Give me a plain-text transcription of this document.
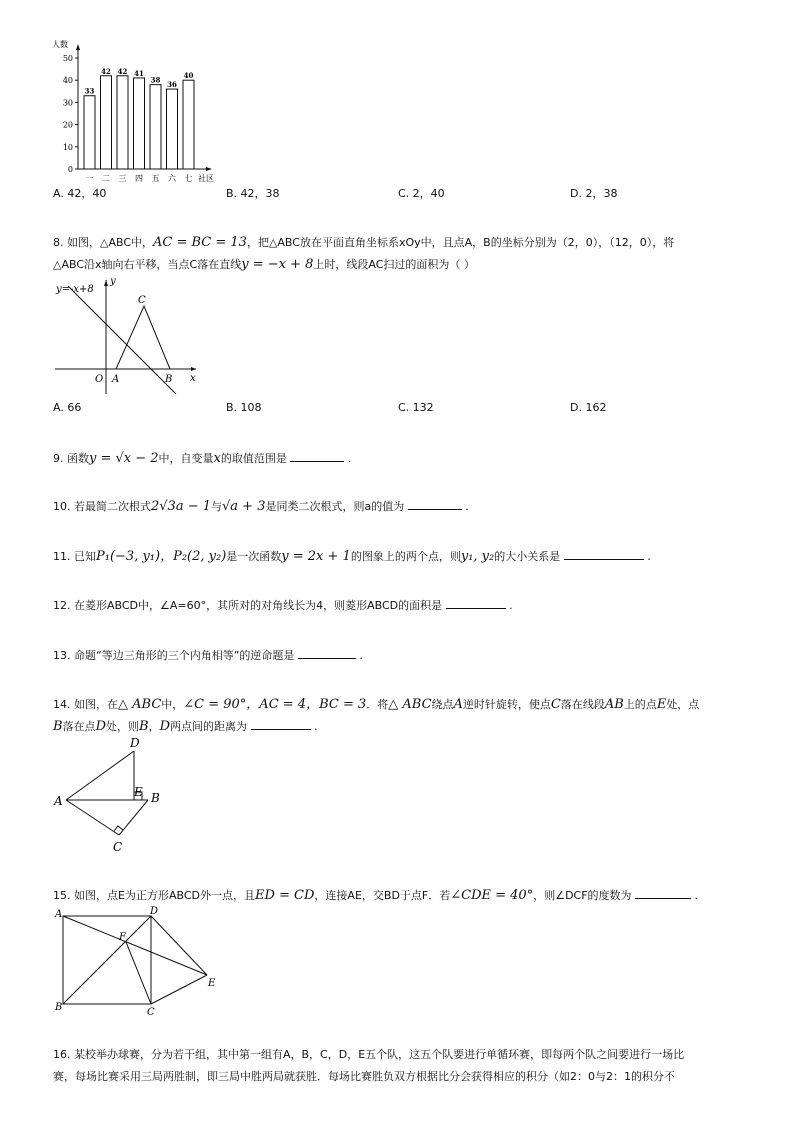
人数
社区
0
10
20
30
40
50
33
一
42
二
42
三
41
四
38
五
36
六
40
七
A. 42，40	B. 42，38	C. 2，40	D. 2，38
8. 如图，△ABC中，AC = BC = 13，把△ABC放在平面直角坐标系xOy中，且点A，B的坐标分别为（2，0），（12，0），将
△ABC沿x轴向右平移，当点C落在直线y = −x + 8上时，线段AC扫过的面积为（ ）
y=-x+8
y
x
O A	B
C
A. 66	B. 108	C. 132	D. 162
9. 函数y = √x − 2中，自变量x的取值范围是	.
10. 若最简二次根式2√3a − 1与√a + 3是同类二次根式，则a的值为	.
11. 已知P₁(−3, y₁)，P₂(2, y₂)是一次函数y = 2x + 1的图象上的两个点，则y₁, y₂的大小关系是	.
12. 在菱形ABCD中，∠A=60°，其所对的对角线长为4，则菱形ABCD的面积是	.
13. 命题“等边三角形的三个内角相等”的逆命题是	.
14. 如图，在△ ABC中，∠C = 90°，AC = 4，BC = 3．将△ ABC绕点A逆时针旋转，使点C落在线段AB上的点E处，点
B落在点D处，则B，D两点间的距离为	.
A	B
C
D
E
15. 如图，点E为正方形ABCD外一点，且ED = CD，连接AE，交BD于点F．若∠CDE = 40°，则∠DCF的度数为	.
A
B	C
D
E
F
16. 某校举办球赛，分为若干组，其中第一组有A，B，C，D，E五个队，这五个队要进行单循环赛，即每两个队之间要进行一场比
赛，每场比赛采用三局两胜制，即三局中胜两局就获胜．每场比赛胜负双方根据比分会获得相应的积分（如2：0与2：1的积分不
